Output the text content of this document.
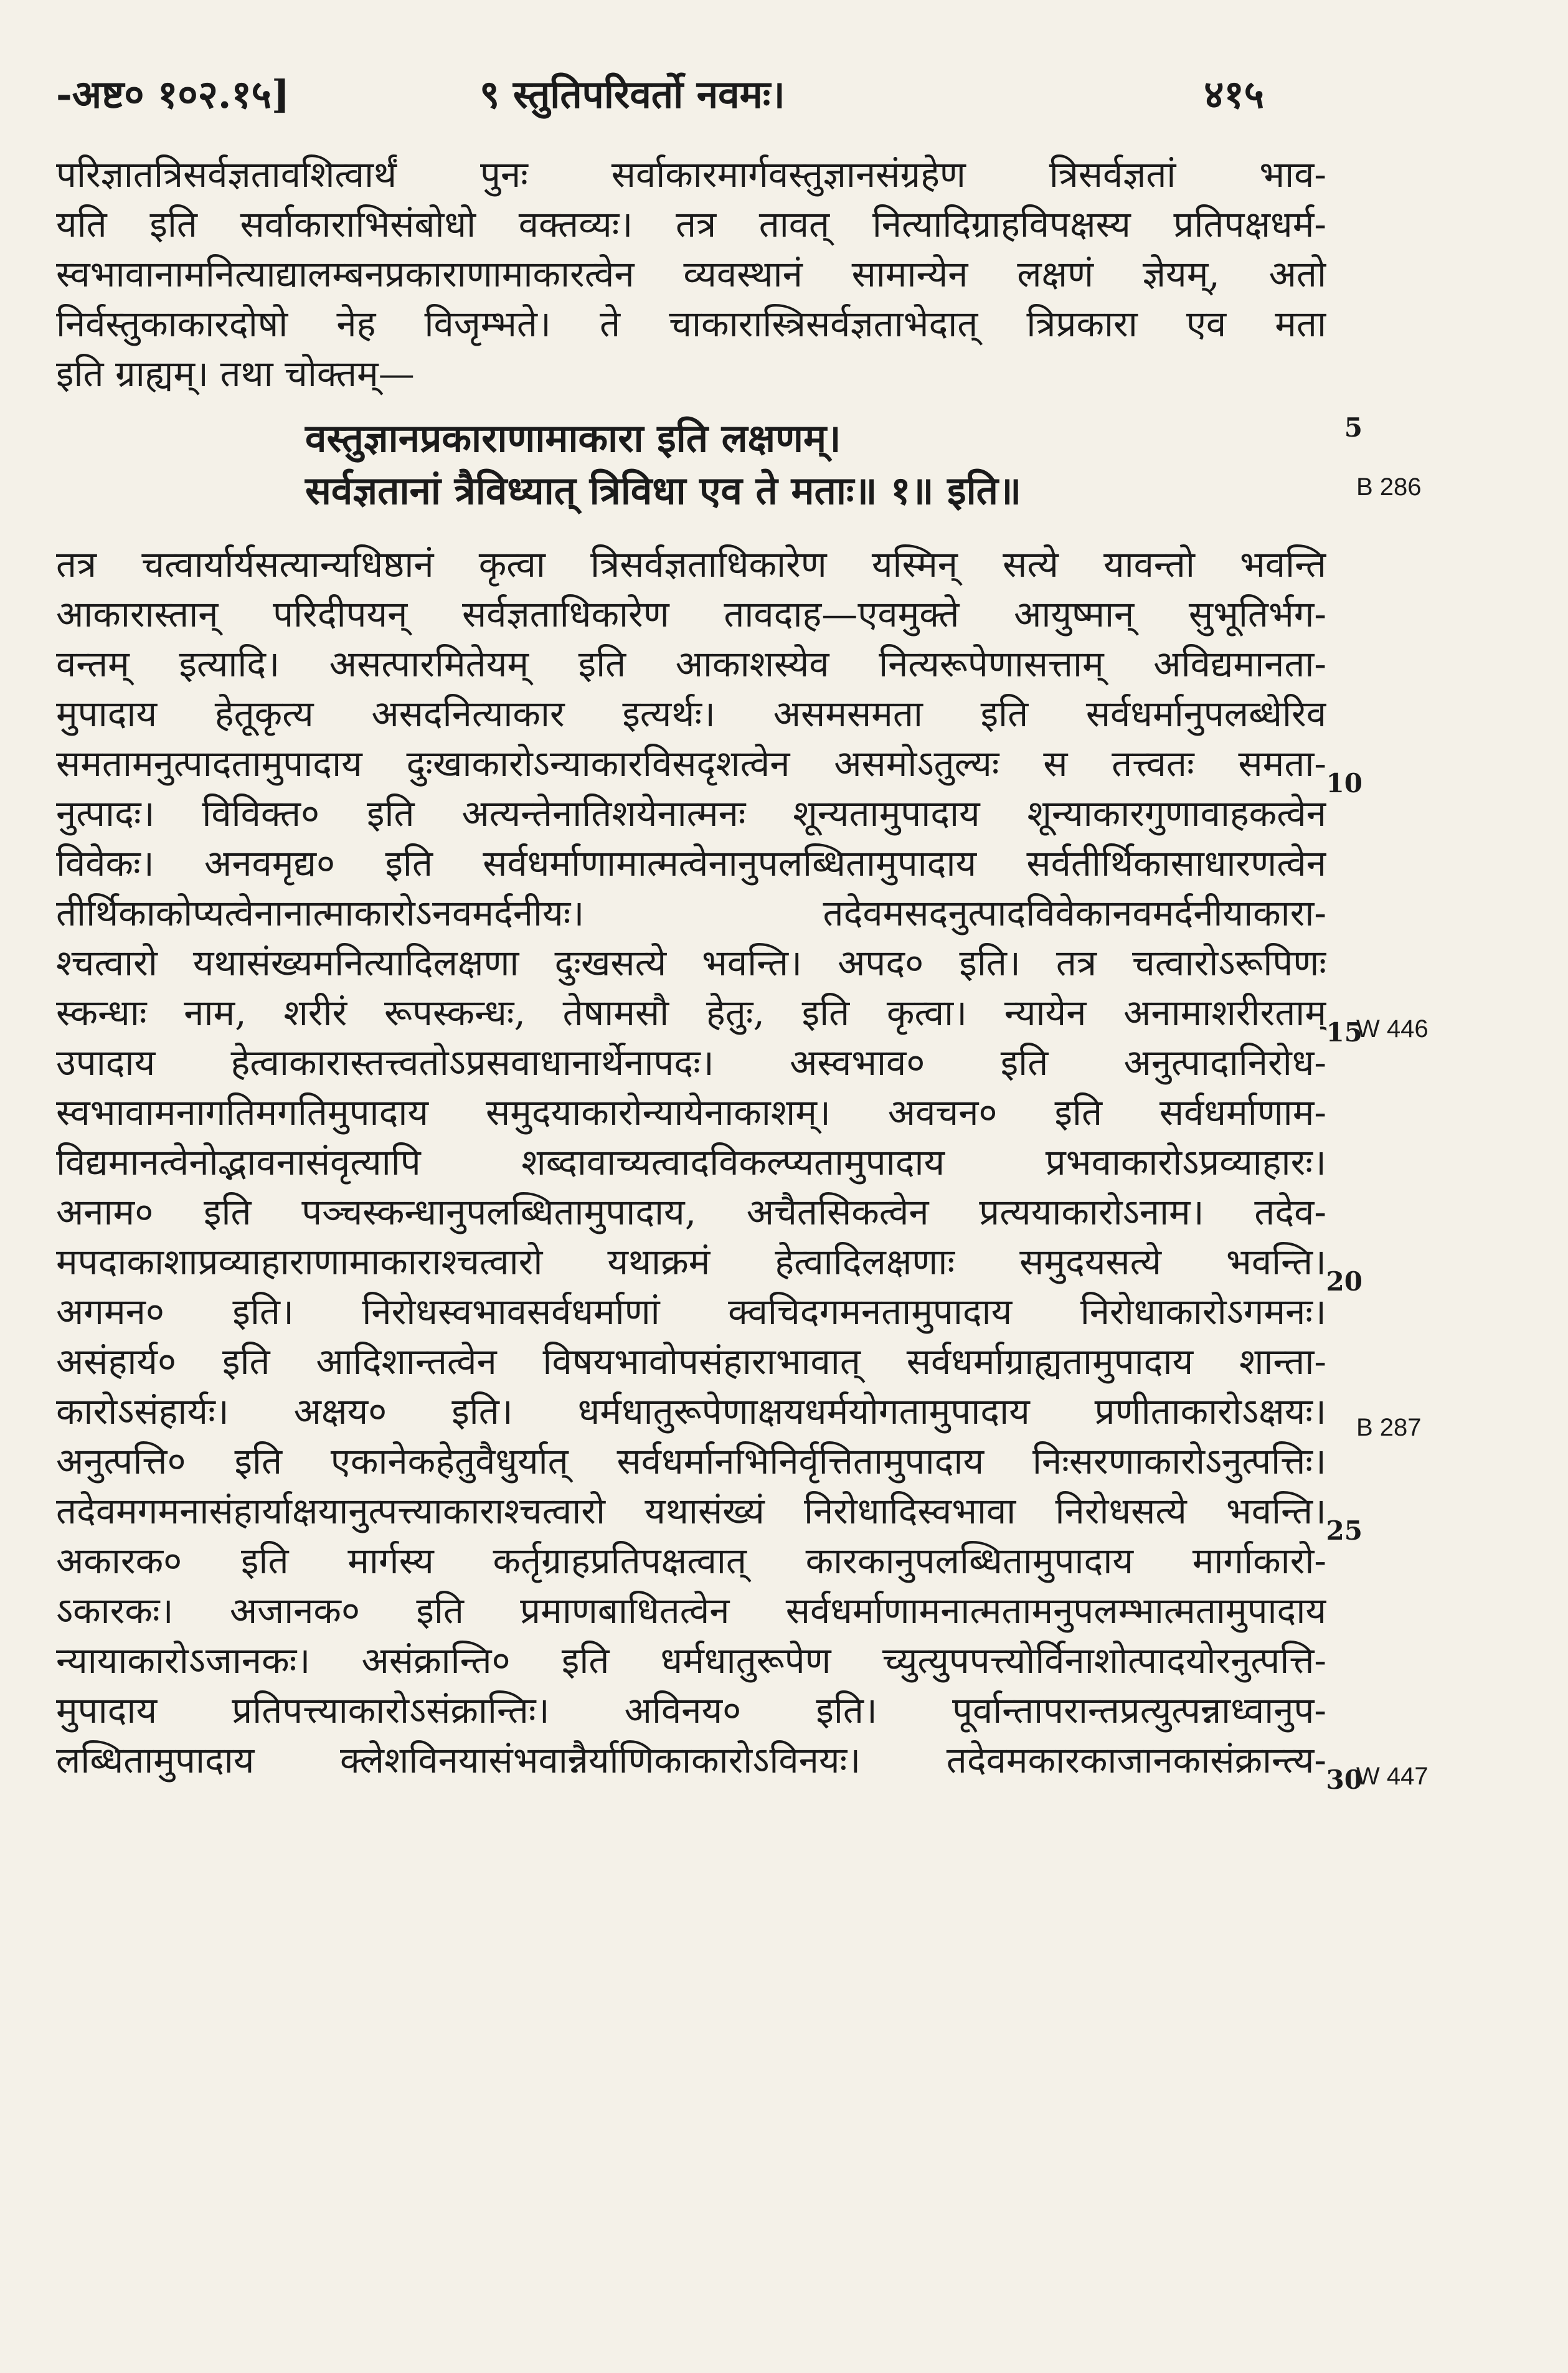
-अष्ट० १०२.१५]	९ स्तुतिपरिवर्तो नवमः।	४१५
परिज्ञातत्रिसर्वज्ञतावशित्वार्थं पुनः सर्वाकारमार्गवस्तुज्ञानसंग्रहेण त्रिसर्वज्ञतां भाव-
यति इति सर्वाकाराभिसंबोधो वक्तव्यः। तत्र तावत् नित्यादिग्राहविपक्षस्य प्रतिपक्षधर्म-
स्वभावानामनित्याद्यालम्बनप्रकाराणामाकारत्वेन व्यवस्थानं सामान्येन लक्षणं ज्ञेयम्, अतो
निर्वस्तुकाकारदोषो नेह विजृम्भते। ते चाकारास्त्रिसर्वज्ञताभेदात् त्रिप्रकारा एव मता
इति ग्राह्यम्। तथा चोक्तम्—
वस्तुज्ञानप्रकाराणामाकारा इति लक्षणम्।
सर्वज्ञतानां त्रैविध्यात् त्रिविधा एव ते मताः॥ १॥ इति॥
तत्र चत्वार्यार्यसत्यान्यधिष्ठानं कृत्वा त्रिसर्वज्ञताधिकारेण यस्मिन् सत्ये यावन्तो भवन्ति
आकारास्तान् परिदीपयन् सर्वज्ञताधिकारेण तावदाह—एवमुक्ते आयुष्मान् सुभूतिर्भग-
वन्तम् इत्यादि। असत्पारमितेयम् इति आकाशस्येव नित्यरूपेणासत्ताम् अविद्यमानता-
मुपादाय हेतूकृत्य असदनित्याकार इत्यर्थः। असमसमता इति सर्वधर्मानुपलब्धेरिव
समतामनुत्पादतामुपादाय दुःखाकारोऽन्याकारविसदृशत्वेन असमोऽतुल्यः स तत्त्वतः समता-
नुत्पादः। विविक्त० इति अत्यन्तेनातिशयेनात्मनः शून्यतामुपादाय शून्याकारगुणावाहकत्वेन
विवेकः। अनवमृद्य० इति सर्वधर्माणामात्मत्वेनानुपलब्धितामुपादाय सर्वतीर्थिकासाधारणत्वेन
तीर्थिकाकोप्यत्वेनानात्माकारोऽनवमर्दनीयः। तदेवमसदनुत्पादविवेकानवमर्दनीयाकारा-
श्चत्वारो यथासंख्यमनित्यादिलक्षणा दुःखसत्ये भवन्ति। अपद० इति। तत्र चत्वारोऽरूपिणः
स्कन्धाः नाम, शरीरं रूपस्कन्धः, तेषामसौ हेतुः, इति कृत्वा। न्यायेन अनामाशरीरताम्
उपादाय हेत्वाकारास्तत्त्वतोऽप्रसवाधानार्थेनापदः। अस्वभाव० इति अनुत्पादानिरोध-
स्वभावामनागतिमगतिमुपादाय समुदयाकारोन्यायेनाकाशम्। अवचन० इति सर्वधर्माणाम-
विद्यमानत्वेनोद्भावनासंवृत्यापि शब्दावाच्यत्वादविकल्प्यतामुपादाय प्रभवाकारोऽप्रव्याहारः।
अनाम० इति पञ्चस्कन्धानुपलब्धितामुपादाय, अचैतसिकत्वेन प्रत्ययाकारोऽनाम। तदेव-
मपदाकाशाप्रव्याहाराणामाकाराश्चत्वारो यथाक्रमं हेत्वादिलक्षणाः समुदयसत्ये भवन्ति।
अगमन० इति। निरोधस्वभावसर्वधर्माणां क्वचिदगमनतामुपादाय निरोधाकारोऽगमनः।
असंहार्य० इति आदिशान्तत्वेन विषयभावोपसंहाराभावात् सर्वधर्माग्राह्यतामुपादाय शान्ता-
कारोऽसंहार्यः। अक्षय० इति। धर्मधातुरूपेणाक्षयधर्मयोगतामुपादाय प्रणीताकारोऽक्षयः।
अनुत्पत्ति० इति एकानेकहेतुवैधुर्यात् सर्वधर्मानभिनिर्वृत्तितामुपादाय निःसरणाकारोऽनुत्पत्तिः।
तदेवमगमनासंहार्याक्षयानुत्पत्त्याकाराश्चत्वारो यथासंख्यं निरोधादिस्वभावा निरोधसत्ये भवन्ति।
अकारक० इति मार्गस्य कर्तृग्राहप्रतिपक्षत्वात् कारकानुपलब्धितामुपादाय मार्गाकारो-
ऽकारकः। अजानक० इति प्रमाणबाधितत्वेन सर्वधर्माणामनात्मतामनुपलम्भात्मतामुपादाय
न्यायाकारोऽजानकः। असंक्रान्ति० इति धर्मधातुरूपेण च्युत्युपपत्त्योर्विनाशोत्पादयोरनुत्पत्ति-
मुपादाय प्रतिपत्त्याकारोऽसंक्रान्तिः। अविनय० इति। पूर्वान्तापरान्तप्रत्युत्पन्नाध्वानुप-
लब्धितामुपादाय क्लेशविनयासंभवान्नैर्याणिकाकारोऽविनयः। तदेवमकारकाजानकासंक्रान्त्य-
5
10
15
20
25
30
B 286
W 446
B 287
W 447
